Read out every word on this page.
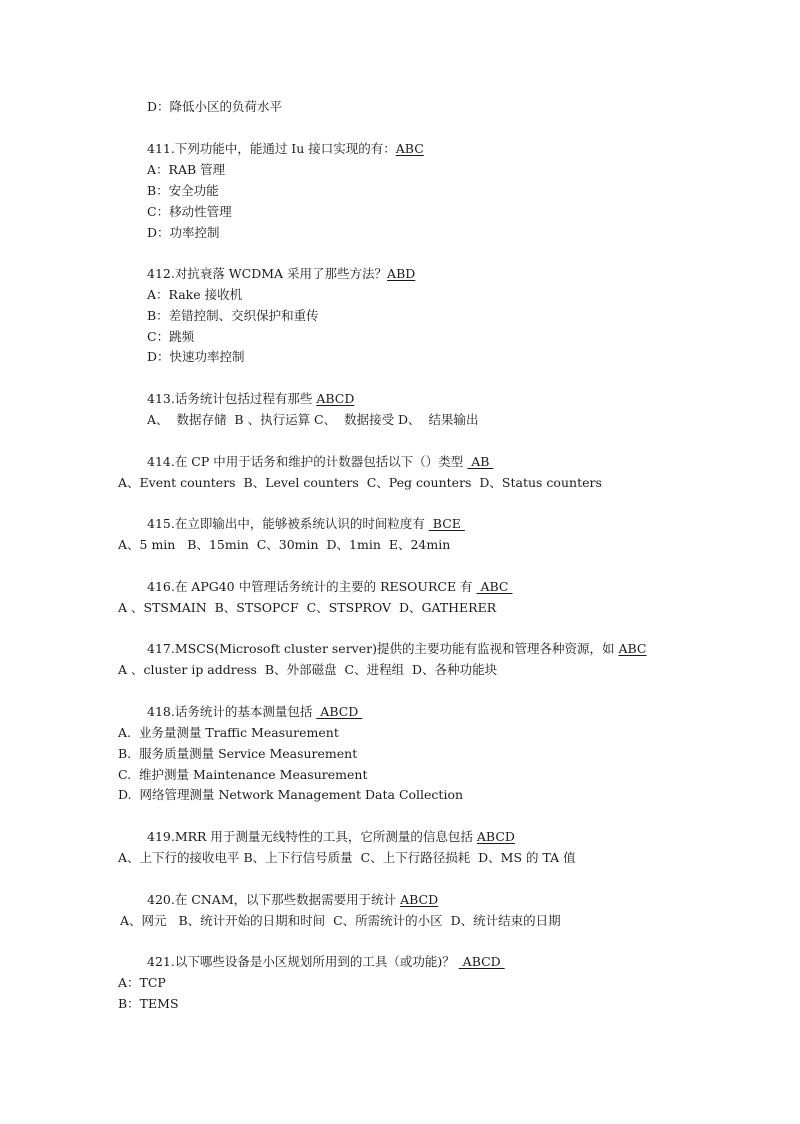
D：降低小区的负荷水平
411.下列功能中，能通过 Iu 接口实现的有：ABC
A：RAB 管理
B：安全功能
C：移动性管理
D：功率控制
412.对抗衰落 WCDMA 采用了那些方法？ABD
A：Rake 接收机
B：差错控制、交织保护和重传
C：跳频
D：快速功率控制
413.话务统计包括过程有那些 ABCD
A、  数据存储  B 、执行运算 C、  数据接受 D、  结果输出
414.在 CP 中用于话务和维护的计数器包括以下（）类型  AB
A、Event counters  B、Level counters  C、Peg counters  D、Status counters
415.在立即输出中，能够被系统认识的时间粒度有  BCE
A、5 min   B、15min  C、30min  D、1min  E、24min
416.在 APG40 中管理话务统计的主要的 RESOURCE 有  ABC
A 、STSMAIN  B、STSOPCF  C、STSPROV  D、GATHERER
417.MSCS(Microsoft cluster server)提供的主要功能有监视和管理各种资源，如 ABC
A 、cluster ip address  B、外部磁盘  C、进程组  D、各种功能块
418.话务统计的基本测量包括  ABCD
A.  业务量测量 Traffic Measurement
B.  服务质量测量 Service Measurement
C.  维护测量 Maintenance Measurement
D.  网络管理测量 Network Management Data Collection
419.MRR 用于测量无线特性的工具，它所测量的信息包括 ABCD
A、上下行的接收电平 B、上下行信号质量  C、上下行路径损耗  D、MS 的 TA 值
420.在 CNAM，以下那些数据需要用于统计 ABCD
A、网元   B、统计开始的日期和时间  C、所需统计的小区  D、统计结束的日期
421.以下哪些设备是小区规划所用到的工具（或功能)？  ABCD
A：TCP
B：TEMS
